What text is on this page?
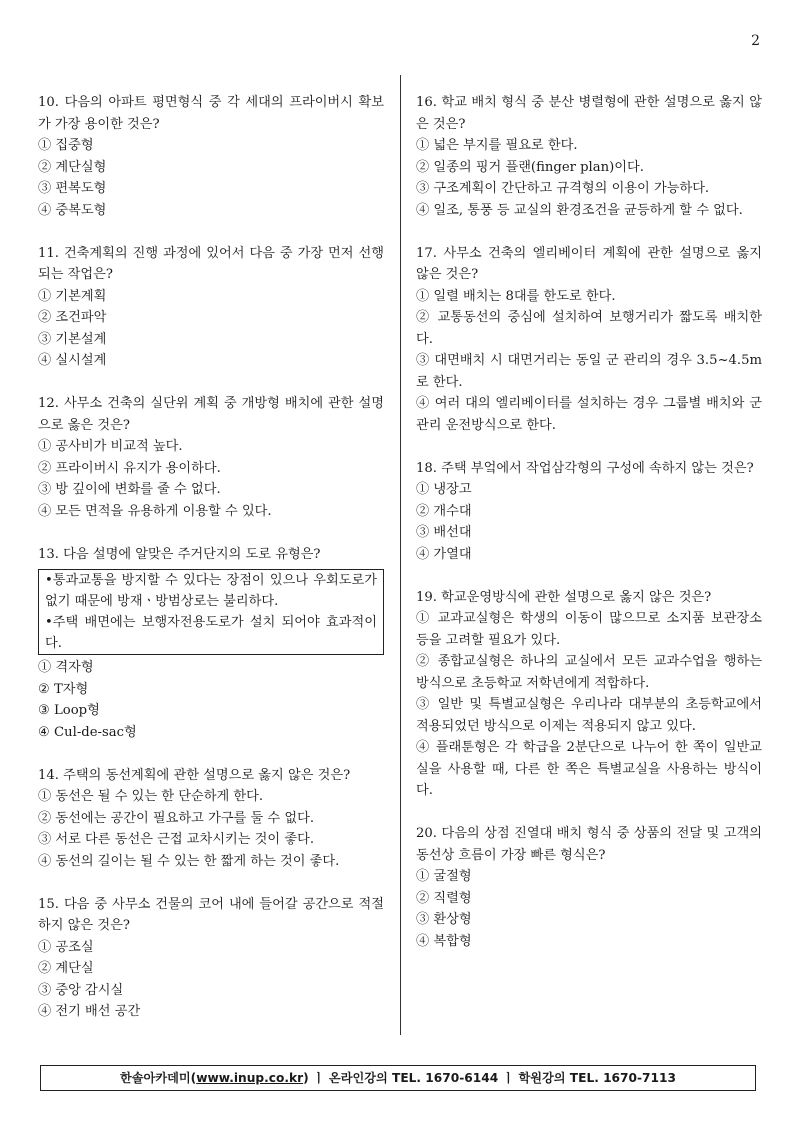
2
10. 다음의 아파트 평면형식 중 각 세대의 프라이버시 확보가 가장 용이한 것은?
① 집중형
② 계단실형
③ 편복도형
④ 중복도형
11. 건축계획의 진행 과정에 있어서 다음 중 가장 먼저 선행되는 작업은?
① 기본계획
② 조건파악
③ 기본설계
④ 실시설계
12. 사무소 건축의 실단위 계획 중 개방형 배치에 관한 설명으로 옳은 것은?
① 공사비가 비교적 높다.
② 프라이버시 유지가 용이하다.
③ 방 깊이에 변화를 줄 수 없다.
④ 모든 면적을 유용하게 이용할 수 있다.
13. 다음 설명에 알맞은 주거단지의 도로 유형은?

•통과교통을 방지할 수 있다는 장점이 있으나 우회도로가 없기 때문에 방재ㆍ방범상로는 불리하다.

•주택 배면에는 보행자전용도로가 설치 되어야 효과적이다.

① 격자형
② T자형
③ Loop형
④ Cul-de-sac형
14. 주택의 동선계획에 관한 설명으로 옳지 않은 것은?
① 동선은 될 수 있는 한 단순하게 한다.
② 동선에는 공간이 필요하고 가구를 둘 수 없다.
③ 서로 다른 동선은 근접 교차시키는 것이 좋다.
④ 동선의 길이는 될 수 있는 한 짧게 하는 것이 좋다.
15. 다음 중 사무소 건물의 코어 내에 들어갈 공간으로 적절하지 않은 것은?
① 공조실
② 계단실
③ 중앙 감시실
④ 전기 배선 공간
16. 학교 배치 형식 중 분산 병렬형에 관한 설명으로 옳지 않은 것은?
① 넓은 부지를 필요로 한다.
② 일종의 핑거 플랜(finger plan)이다.
③ 구조계획이 간단하고 규격형의 이용이 가능하다.
④ 일조, 통풍 등 교실의 환경조건을 균등하게 할 수 없다.
17. 사무소 건축의 엘리베이터 계획에 관한 설명으로 옳지 않은 것은?
① 일렬 배치는 8대를 한도로 한다.
② 교통동선의 중심에 설치하여 보행거리가 짧도록 배치한다.
③ 대면배치 시 대면거리는 동일 군 관리의 경우 3.5~4.5m로 한다.
④ 여러 대의 엘리베이터를 설치하는 경우 그룹별 배치와 군 관리 운전방식으로 한다.
18. 주택 부엌에서 작업삼각형의 구성에 속하지 않는 것은?
① 냉장고
② 개수대
③ 배선대
④ 가열대
19. 학교운영방식에 관한 설명으로 옳지 않은 것은?
① 교과교실형은 학생의 이동이 많으므로 소지품 보관장소 등을 고려할 필요가 있다.
② 종합교실형은 하나의 교실에서 모든 교과수업을 행하는 방식으로 초등학교 저학년에게 적합하다.
③ 일반 및 특별교실형은 우리나라 대부분의 초등학교에서 적용되었던 방식으로 이제는 적용되지 않고 있다.
④ 플래툰형은 각 학급을 2분단으로 나누어 한 쪽이 일반교실을 사용할 때, 다른 한 쪽은 특별교실을 사용하는 방식이다.
20. 다음의 상점 진열대 배치 형식 중 상품의 전달 및 고객의 동선상 흐름이 가장 빠른 형식은?
① 굴절형
② 직렬형
③ 환상형
④ 복합형
한솔아카데미(www.inup.co.kr) ㅣ 온라인강의 TEL. 1670-6144 ㅣ 학원강의 TEL. 1670-7113
